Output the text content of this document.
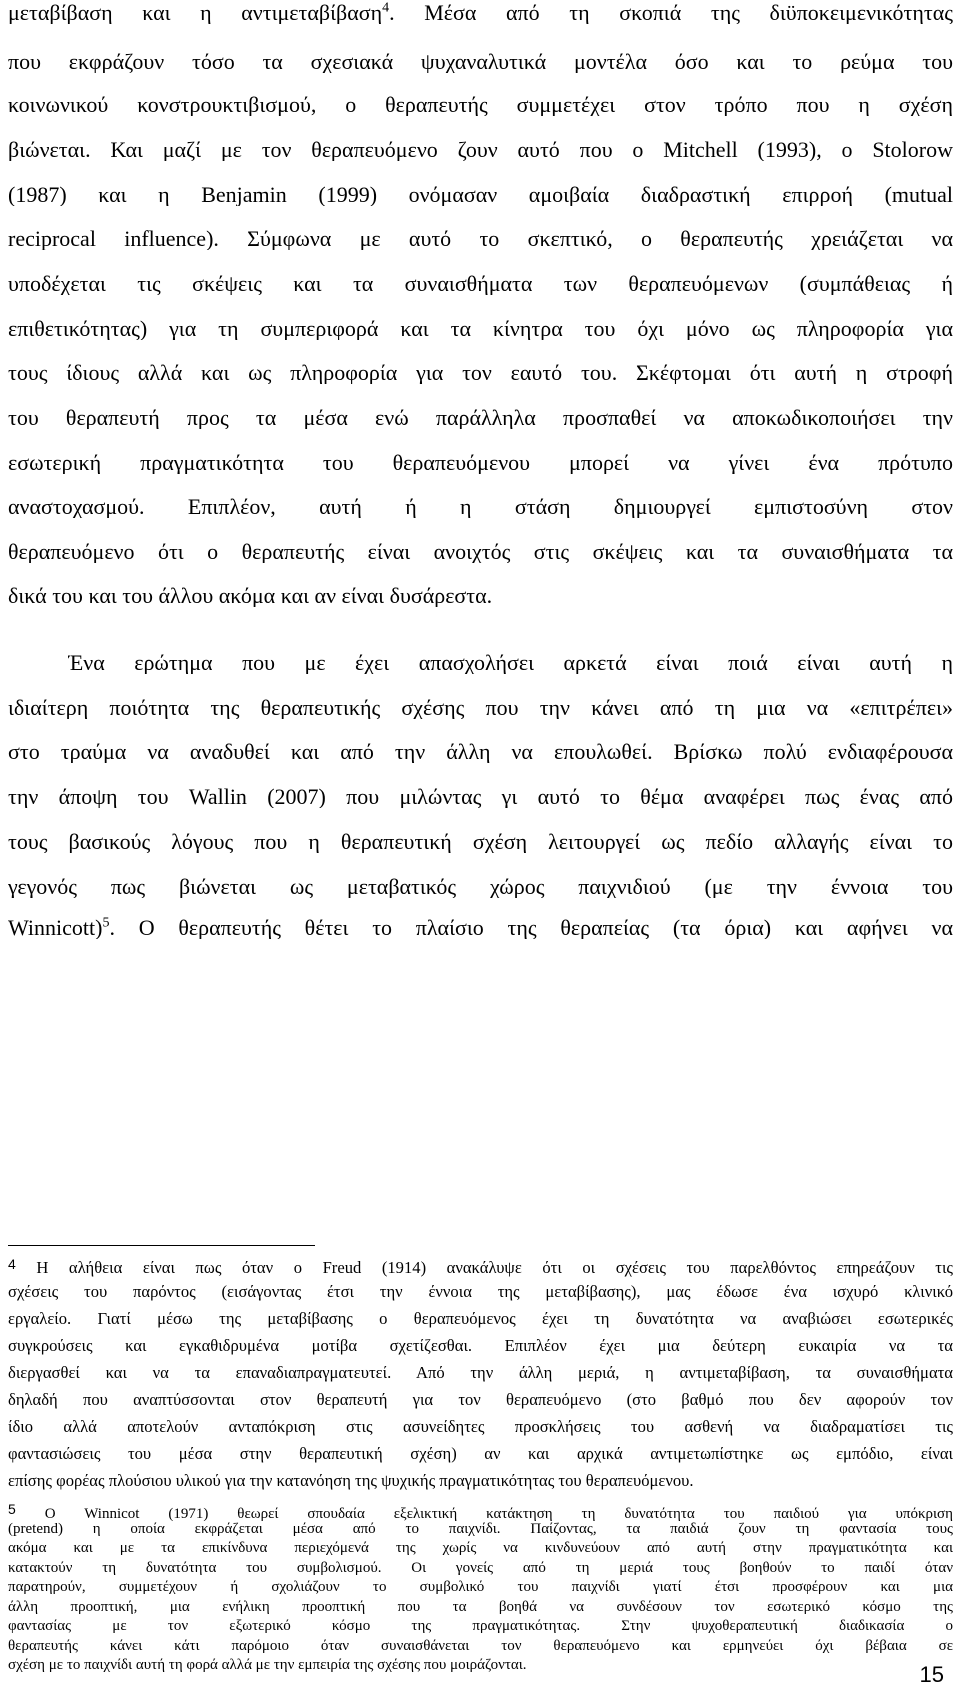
μεταβίβαση και η αντιμεταβίβαση$^4$. Μέσα από τη σκοπιά της διϋποκειμενικότητας
που εκφράζουν τόσο τα σχεσιακά ψυχαναλυτικά μοντέλα όσο και το ρεύμα του
κοινωνικού κονστρουκτιβισμού, ο θεραπευτής συμμετέχει στον τρόπο που η σχέση
βιώνεται. Και μαζί με τον θεραπευόμενο ζουν αυτό που ο Mitchell (1993), ο Stolorow
(1987) και η Benjamin (1999) ονόμασαν αμοιβαία διαδραστική επιρροή (mutual
reciprocal influence). Σύμφωνα με αυτό το σκεπτικό, ο θεραπευτής χρειάζεται να
υποδέχεται τις σκέψεις και τα συναισθήματα των θεραπευόμενων (συμπάθειας ή
επιθετικότητας) για τη συμπεριφορά και τα κίνητρα του όχι μόνο ως πληροφορία για
τους ίδιους αλλά και ως πληροφορία για τον εαυτό του. Σκέφτομαι ότι αυτή η στροφή
του θεραπευτή προς τα μέσα ενώ παράλληλα προσπαθεί να αποκωδικοποιήσει την
εσωτερική πραγματικότητα του θεραπευόμενου μπορεί να γίνει ένα πρότυπο
αναστοχασμού. Επιπλέον, αυτή ή η στάση δημιουργεί εμπιστοσύνη στον
θεραπευόμενο ότι ο θεραπευτής είναι ανοιχτός στις σκέψεις και τα συναισθήματα τα
δικά του και του άλλου ακόμα και αν είναι δυσάρεστα.
Ένα ερώτημα που με έχει απασχολήσει αρκετά είναι ποιά είναι αυτή η
ιδιαίτερη ποιότητα της θεραπευτικής σχέσης που την κάνει από τη μια να «επιτρέπει»
στο τραύμα να αναδυθεί και από την άλλη να επουλωθεί. Βρίσκω πολύ ενδιαφέρουσα
την άποψη του Wallin (2007) που μιλώντας γι αυτό το θέμα αναφέρει πως ένας από
τους βασικούς λόγους που η θεραπευτική σχέση λειτουργεί ως πεδίο αλλαγής είναι το
γεγονός πως βιώνεται ως μεταβατικός χώρος παιχνιδιού (με την έννοια του
Winnicott)$^5$. Ο θεραπευτής θέτει το πλαίσιο της θεραπείας (τα όρια) και αφήνει να
$^4$ Η αλήθεια είναι πως όταν ο Freud (1914) ανακάλυψε ότι οι σχέσεις του παρελθόντος επηρεάζουν τις
σχέσεις του παρόντος (εισάγοντας έτσι την έννοια της μεταβίβασης), μας έδωσε ένα ισχυρό κλινικό
εργαλείο. Γιατί μέσω της μεταβίβασης ο θεραπευόμενος έχει τη δυνατότητα να αναβιώσει εσωτερικές
συγκρούσεις και εγκαθιδρυμένα μοτίβα σχετίζεσθαι. Επιπλέον έχει μια δεύτερη ευκαιρία να τα
διεργασθεί και να τα επαναδιαπραγματευτεί. Από την άλλη μεριά, η αντιμεταβίβαση, τα συναισθήματα
δηλαδή που αναπτύσσονται στον θεραπευτή για τον θεραπευόμενο (στο βαθμό που δεν αφορούν τον
ίδιο αλλά αποτελούν ανταπόκριση στις ασυνείδητες προσκλήσεις του ασθενή να διαδραματίσει τις
φαντασιώσεις του μέσα στην θεραπευτική σχέση) αν και αρχικά αντιμετωπίστηκε ως εμπόδιο, είναι
επίσης φορέας πλούσιου υλικού για την κατανόηση της ψυχικής πραγματικότητας του θεραπευόμενου.
5 O Winnicot (1971) θεωρεί σπουδαία εξελικτική κατάκτηση τη δυνατότητα του παιδιού για υπόκριση
(pretend) η οποία εκφράζεται μέσα από το παιχνίδι. Παίζοντας, τα παιδιά ζουν τη φαντασία τους
ακόμα και με τα επικίνδυνα περιεχόμενά της χωρίς να κινδυνεύουν από αυτή στην πραγματικότητα και
κατακτούν τη δυνατότητα του συμβολισμού. Οι γονείς από τη μεριά τους βοηθούν το παιδί όταν
παρατηρούν, συμμετέχουν ή σχολιάζουν το συμβολικό του παιχνίδι γιατί έτσι προσφέρουν και μια
άλλη προοπτική, μια ενήλικη προοπτική που τα βοηθά να συνδέσουν τον εσωτερικό κόσμο της
φαντασίας με τον εξωτερικό κόσμο της πραγματικότητας. Στην ψυχοθεραπευτική διαδικασία ο
θεραπευτής κάνει κάτι παρόμοιο όταν συναισθάνεται τον θεραπευόμενο και ερμηνεύει όχι βέβαια σε
σχέση με το παιχνίδι αυτή τη φορά αλλά με την εμπειρία της σχέσης που μοιράζονται.	15
